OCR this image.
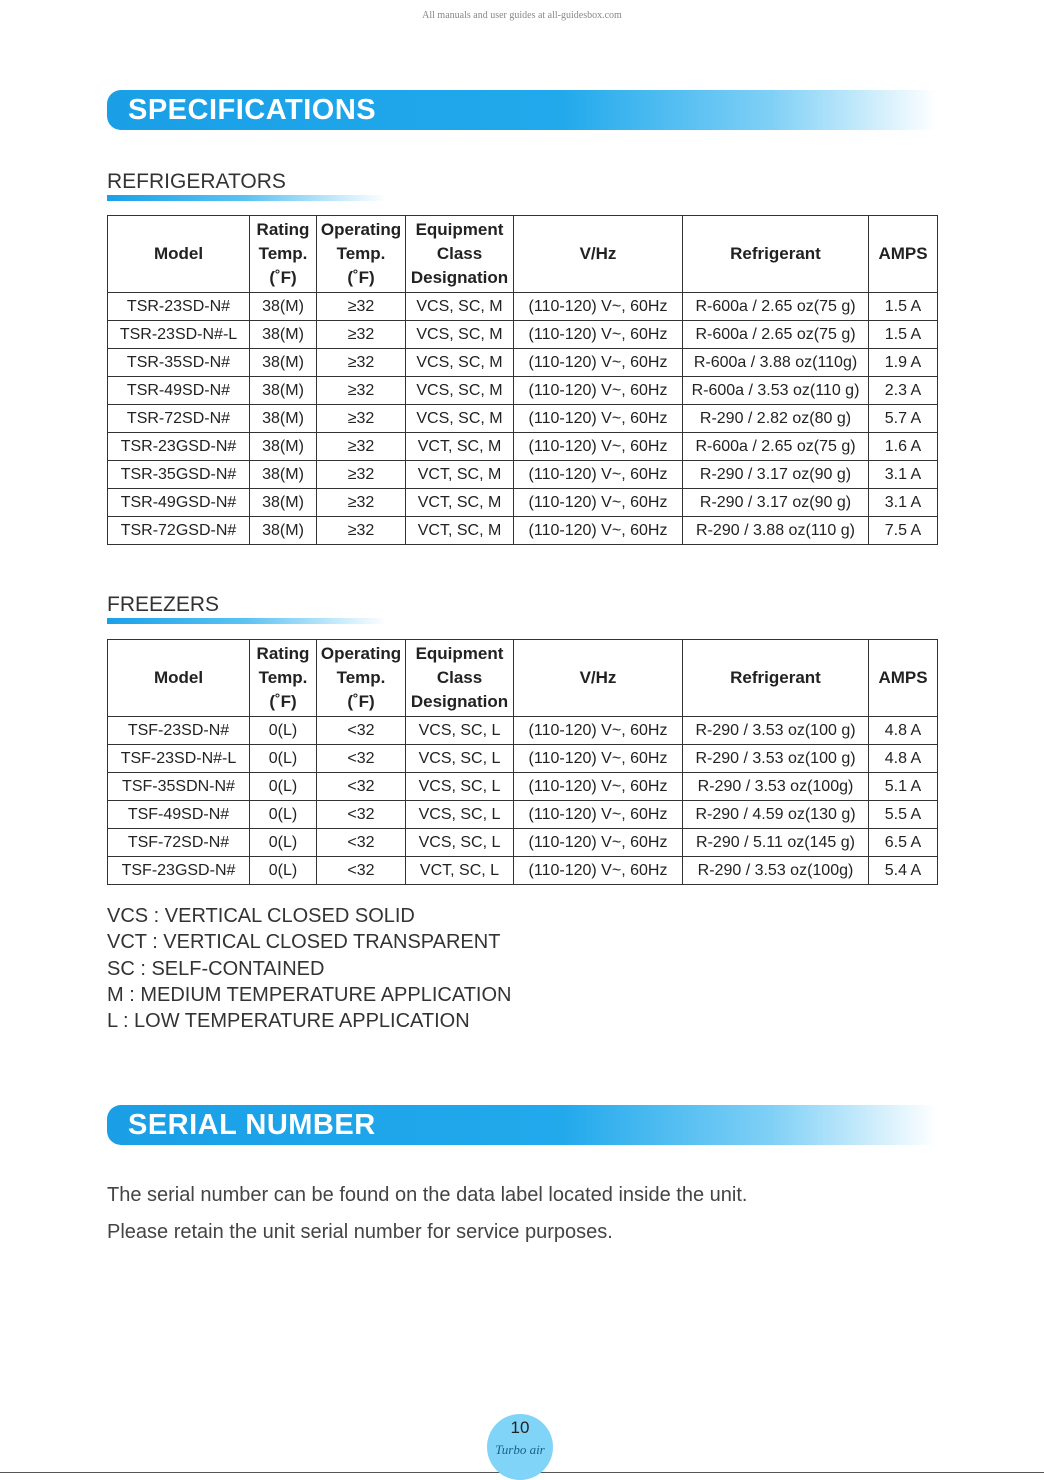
All manuals and user guides at all-guidesbox.com
SPECIFICATIONS
REFRIGERATORS
Model	Rating
Temp.
(˚F)	Operating
Temp.
(˚F)	Equipment
Class
Designation	V/Hz	Refrigerant	AMPS
TSR-23SD-N#	38(M)	≥32	VCS, SC, M	(110-120) V~, 60Hz	R-600a / 2.65 oz(75 g)	1.5 A
TSR-23SD-N#-L	38(M)	≥32	VCS, SC, M	(110-120) V~, 60Hz	R-600a / 2.65 oz(75 g)	1.5 A
TSR-35SD-N#	38(M)	≥32	VCS, SC, M	(110-120) V~, 60Hz	R-600a / 3.88 oz(110g)	1.9 A
TSR-49SD-N#	38(M)	≥32	VCS, SC, M	(110-120) V~, 60Hz	R-600a / 3.53 oz(110 g)	2.3 A
TSR-72SD-N#	38(M)	≥32	VCS, SC, M	(110-120) V~, 60Hz	R-290 / 2.82 oz(80 g)	5.7 A
TSR-23GSD-N#	38(M)	≥32	VCT, SC, M	(110-120) V~, 60Hz	R-600a / 2.65 oz(75 g)	1.6 A
TSR-35GSD-N#	38(M)	≥32	VCT, SC, M	(110-120) V~, 60Hz	R-290 / 3.17 oz(90 g)	3.1 A
TSR-49GSD-N#	38(M)	≥32	VCT, SC, M	(110-120) V~, 60Hz	R-290 / 3.17 oz(90 g)	3.1 A
TSR-72GSD-N#	38(M)	≥32	VCT, SC, M	(110-120) V~, 60Hz	R-290 / 3.88 oz(110 g)	7.5 A
FREEZERS
Model	Rating
Temp.
(˚F)	Operating
Temp.
(˚F)	Equipment
Class
Designation	V/Hz	Refrigerant	AMPS
TSF-23SD-N#	0(L)	<32	VCS, SC, L	(110-120) V~, 60Hz	R-290 / 3.53 oz(100 g)	4.8 A
TSF-23SD-N#-L	0(L)	<32	VCS, SC, L	(110-120) V~, 60Hz	R-290 / 3.53 oz(100 g)	4.8 A
TSF-35SDN-N#	0(L)	<32	VCS, SC, L	(110-120) V~, 60Hz	R-290 / 3.53 oz(100g)	5.1 A
TSF-49SD-N#	0(L)	<32	VCS, SC, L	(110-120) V~, 60Hz	R-290 / 4.59 oz(130 g)	5.5 A
TSF-72SD-N#	0(L)	<32	VCS, SC, L	(110-120) V~, 60Hz	R-290 / 5.11 oz(145 g)	6.5 A
TSF-23GSD-N#	0(L)	<32	VCT, SC, L	(110-120) V~, 60Hz	R-290 / 3.53 oz(100g)	5.4 A
VCS : VERTICAL CLOSED SOLID
VCT : VERTICAL CLOSED TRANSPARENT
SC : SELF-CONTAINED
M : MEDIUM TEMPERATURE APPLICATION
L : LOW TEMPERATURE APPLICATION
SERIAL NUMBER
The serial number can be found on the data label located inside the unit.
Please retain the unit serial number for service purposes.
10
Turbo air
